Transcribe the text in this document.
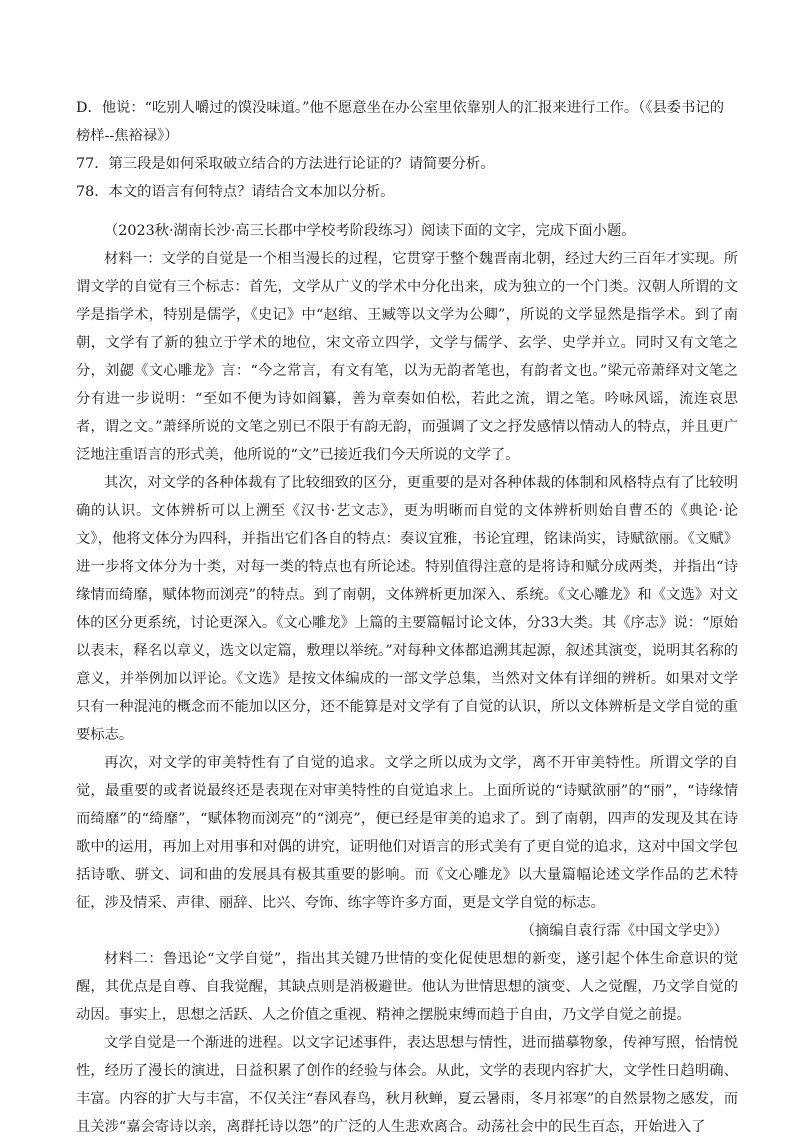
D．他说：“吃别人嚼过的馍没味道。”他不愿意坐在办公室里依靠别人的汇报来进行工作。（《县委书记的榜样--焦裕禄》）

77．第三段是如何采取破立结合的方法进行论证的？请简要分析。

78．本文的语言有何特点？请结合文本加以分析。

（2023秋·湖南长沙·高三长郡中学校考阶段练习）阅读下面的文字，完成下面小题。

材料一：文学的自觉是一个相当漫长的过程，它贯穿于整个魏晋南北朝，经过大约三百年才实现。所谓文学的自觉有三个标志：首先，文学从广义的学术中分化出来，成为独立的一个门类。汉朝人所谓的文学是指学术，特别是儒学，《史记》中“赵绾、王臧等以文学为公卿”，所说的文学显然是指学术。到了南朝，文学有了新的独立于学术的地位，宋文帝立四学，文学与儒学、玄学、史学并立。同时又有文笔之分，刘勰《文心雕龙》言：“今之常言，有文有笔，以为无韵者笔也，有韵者文也。”梁元帝萧绎对文笔之分有进一步说明：“至如不便为诗如阎纂，善为章奏如伯松，若此之流，谓之笔。吟咏风谣，流连哀思者，谓之文。”萧绎所说的文笔之别已不限于有韵无韵，而强调了文之抒发感情以情动人的特点，并且更广泛地注重语言的形式美，他所说的“文”已接近我们今天所说的文学了。

其次，对文学的各种体裁有了比较细致的区分，更重要的是对各种体裁的体制和风格特点有了比较明确的认识。文体辨析可以上溯至《汉书·艺文志》，更为明晰而自觉的文体辨析则始自曹丕的《典论·论文》，他将文体分为四科，并指出它们各自的特点：奏议宜雅，书论宜理，铭诔尚实，诗赋欲丽。《文赋》进一步将文体分为十类，对每一类的特点也有所论述。特别值得注意的是将诗和赋分成两类，并指出“诗缘情而绮靡，赋体物而浏亮”的特点。到了南朝，文体辨析更加深入、系统。《文心雕龙》和《文选》对文体的区分更系统，讨论更深入。《文心雕龙》上篇的主要篇幅讨论文体，分33大类。其《序志》说：“原始以表末，释名以章义，选文以定篇，敷理以举统。”对每种文体都追溯其起源，叙述其演变，说明其名称的意义，并举例加以评论。《文选》是按文体编成的一部文学总集，当然对文体有详细的辨析。如果对文学只有一种混沌的概念而不能加以区分，还不能算是对文学有了自觉的认识，所以文体辨析是文学自觉的重要标志。

再次，对文学的审美特性有了自觉的追求。文学之所以成为文学，离不开审美特性。所谓文学的自觉，最重要的或者说最终还是表现在对审美特性的自觉追求上。上面所说的“诗赋欲丽”的“丽”，“诗缘情而绮靡”的“绮靡”，“赋体物而浏亮”的“浏亮”，便已经是审美的追求了。到了南朝，四声的发现及其在诗歌中的运用，再加上对用事和对偶的讲究，证明他们对语言的形式美有了更自觉的追求，这对中国文学包括诗歌、骈文、词和曲的发展具有极其重要的影响。而《文心雕龙》以大量篇幅论述文学作品的艺术特征，涉及情采、声律、丽辞、比兴、夸饰、练字等许多方面，更是文学自觉的标志。

（摘编自袁行霈《中国文学史》）

材料二：鲁迅论“文学自觉”，指出其关键乃世情的变化促使思想的新变，遂引起个体生命意识的觉醒，其优点是自尊、自我觉醒，其缺点则是消极避世。他认为世情思想的演变、人之觉醒，乃文学自觉的动因。事实上，思想之活跃、人之价值之重视、精神之摆脱束缚而趋于自由，乃文学自觉之前提。

文学自觉是一个渐进的进程。以文字记述事件，表达思想与情性，进而描摹物象，传神写照，怡情悦性，经历了漫长的演进，日益积累了创作的经验与体会。从此，文学的表现内容扩大，文学性日趋明确、丰富。内容的扩大与丰富，不仅关注“春风春鸟，秋月秋蝉，夏云暑雨，冬月祁寒”的自然景物之感发，而且关涉“嘉会寄诗以亲，离群托诗以怨”的广泛的人生悲欢离合。动荡社会中的民生百态，开始进入了
